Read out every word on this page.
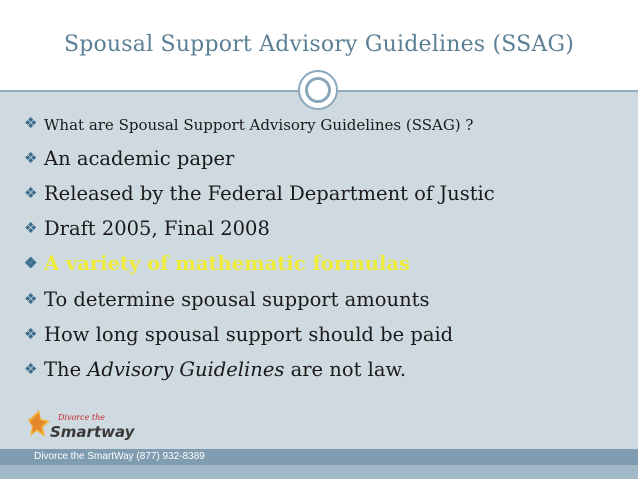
Spousal Support Advisory Guidelines (SSAG)
❖ What are Spousal Support Advisory Guidelines (SSAG) ?
❖ An academic paper
❖ Released by the Federal Department of Justic
❖ Draft 2005, Final 2008
❖ A variety of mathematic formulas
❖ To determine spousal support amounts
❖ How long spousal support should be paid
❖ The Advisory Guidelines are not law.
Divorce the
Smartway
Divorce the SmartWay (877) 932-8389
